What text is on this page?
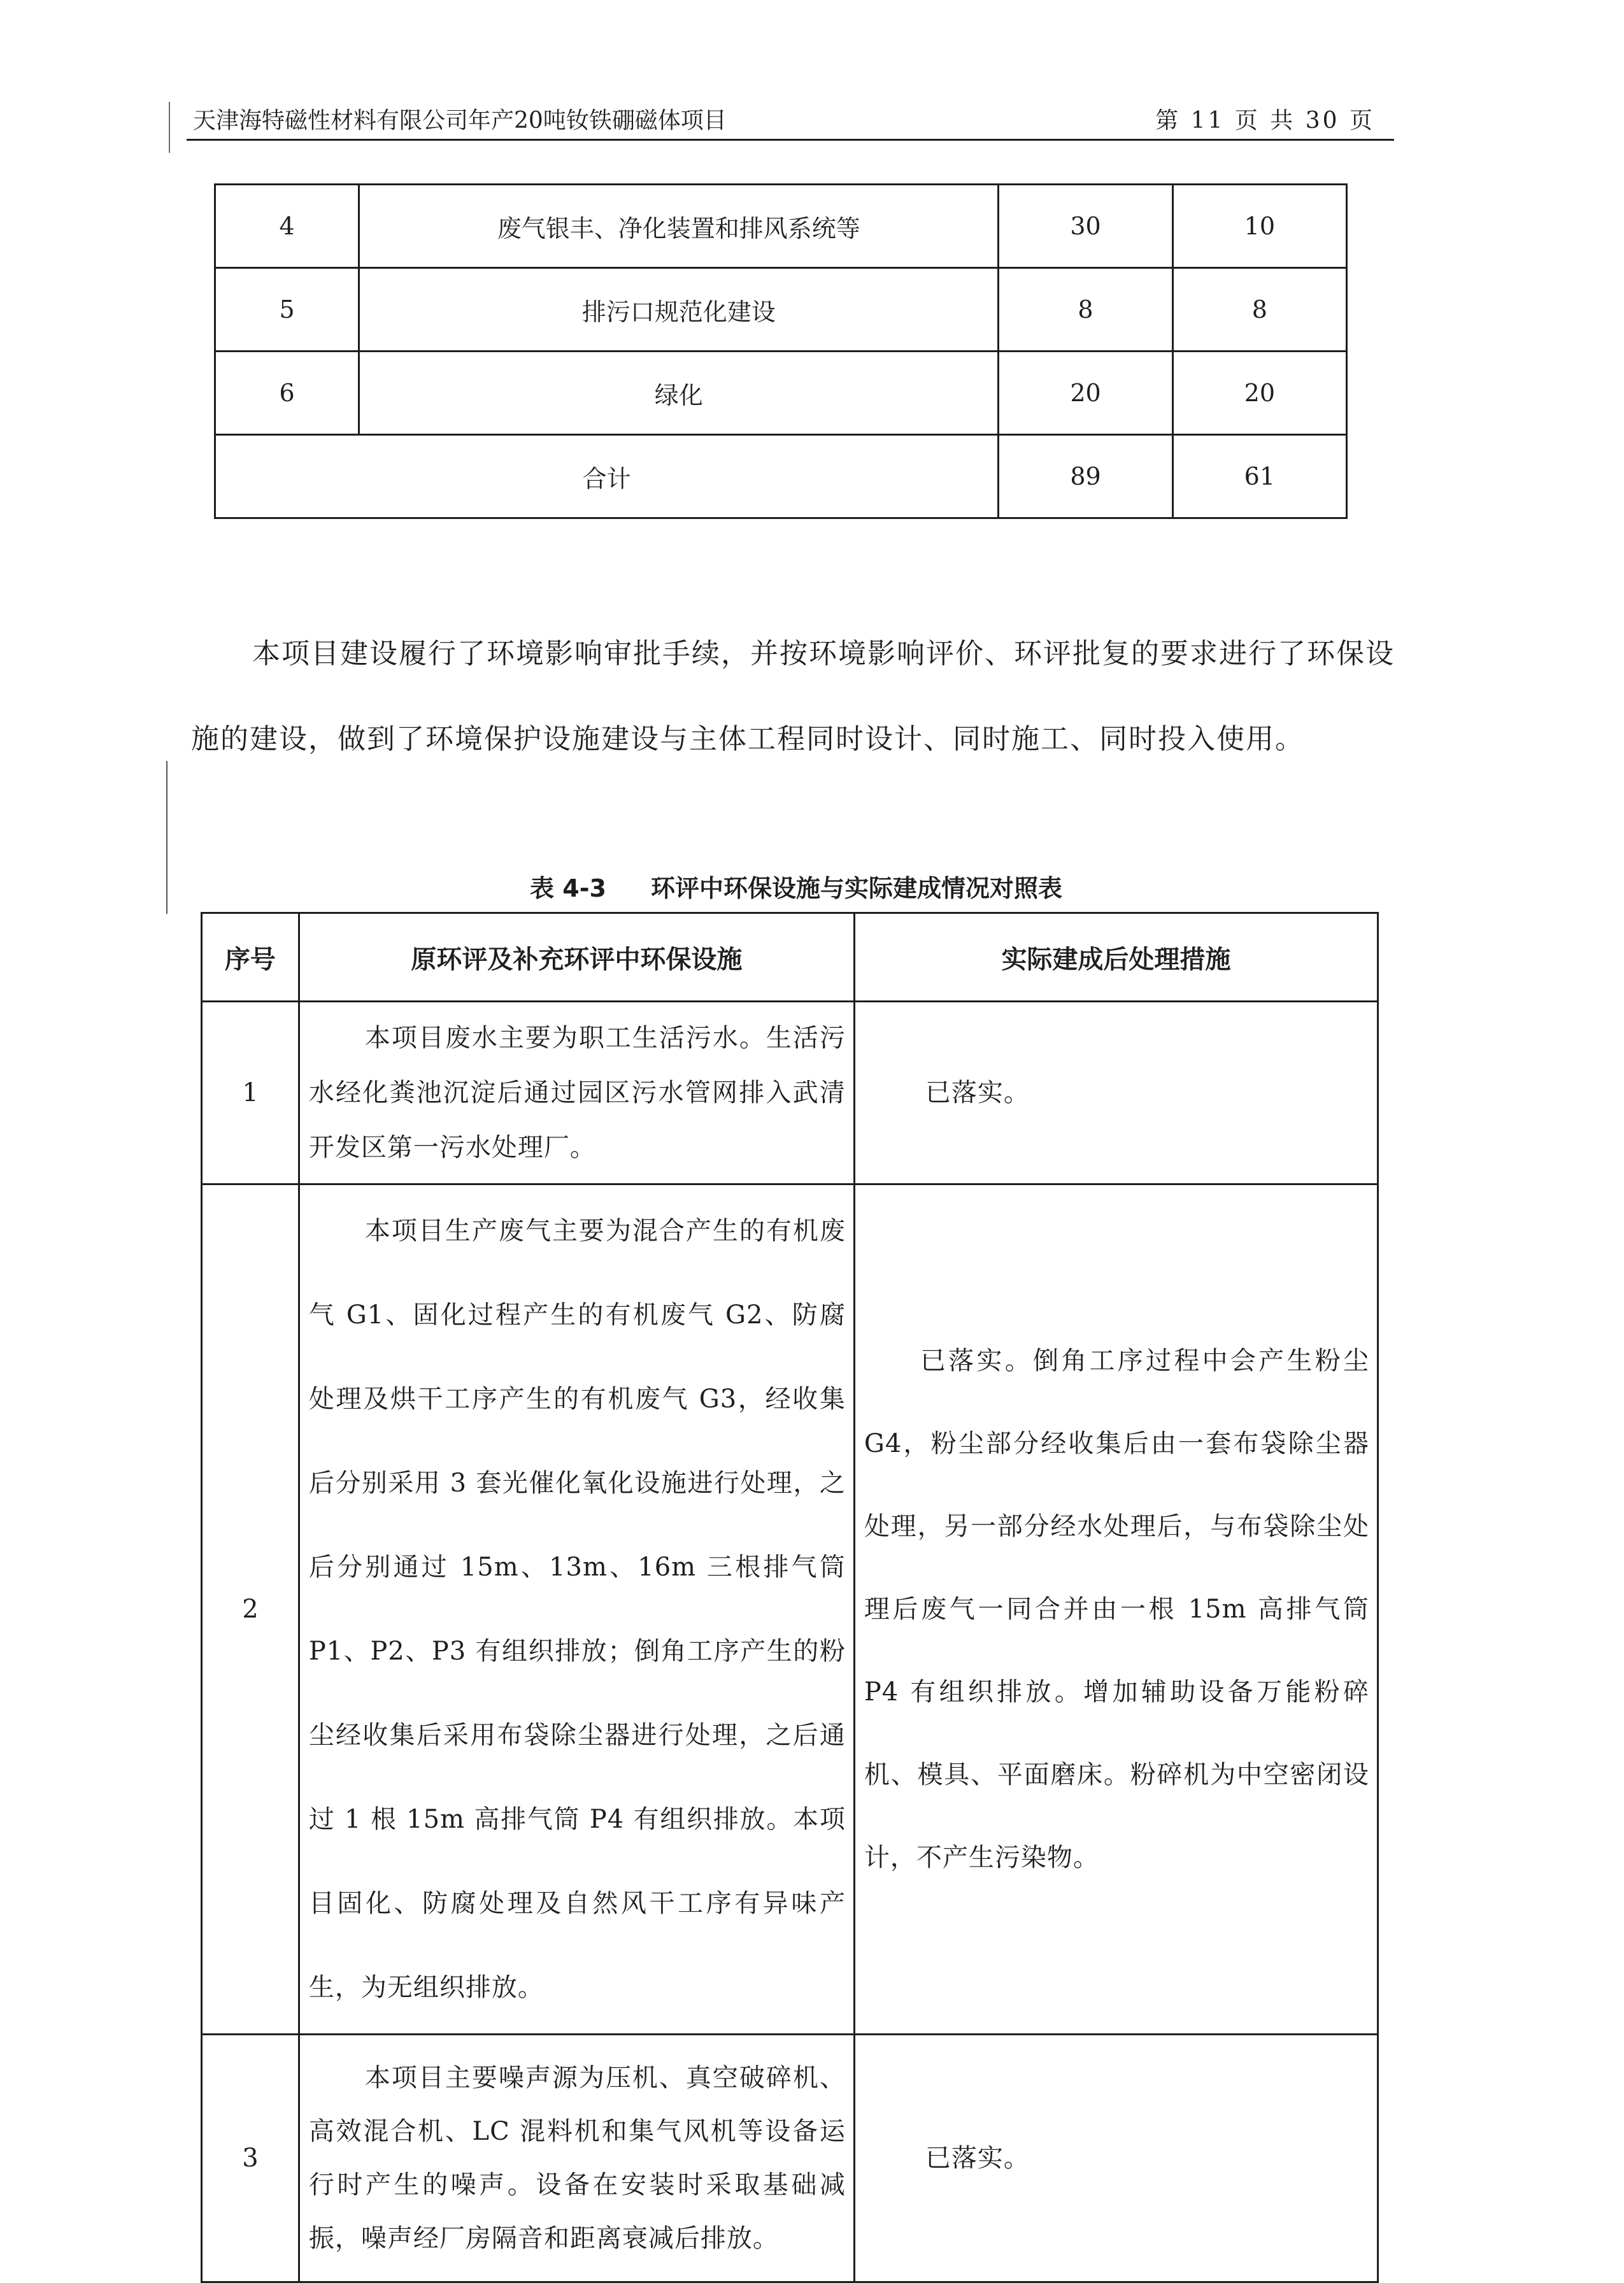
天津海特磁性材料有限公司年产20吨钕铁硼磁体项目	第 11 页 共 30 页
4	废气银丰、净化装置和排风系统等	30	10
5	排污口规范化建设	8	8
6	绿化	20	20
合计		89	61
本项目建设履行了环境影响审批手续，并按环境影响评价、环评批复的要求进行了环保设施的建设，做到了环境保护设施建设与主体工程同时设计、同时施工、同时投入使用。
表 4-3 环评中环保设施与实际建成情况对照表
序号	原环评及补充环评中环保设施	实际建成后处理措施
1	本项目废水主要为职工生活污水。生活污水经化粪池沉淀后通过园区污水管网排入武清开发区第一污水处理厂。	已落实。
2	本项目生产废气主要为混合产生的有机废气 G1、固化过程产生的有机废气 G2、防腐处理及烘干工序产生的有机废气 G3，经收集后分别采用 3 套光催化氧化设施进行处理，之后分别通过 15m、13m、16m 三根排气筒 P1、P2、P3 有组织排放；倒角工序产生的粉尘经收集后采用布袋除尘器进行处理，之后通过 1 根 15m 高排气筒 P4 有组织排放。本项目固化、防腐处理及自然风干工序有异味产生，为无组织排放。	已落实。倒角工序过程中会产生粉尘 G4，粉尘部分经收集后由一套布袋除尘器处理，另一部分经水处理后，与布袋除尘处理后废气一同合并由一根 15m 高排气筒 P4 有组织排放。增加辅助设备万能粉碎机、模具、平面磨床。粉碎机为中空密闭设计，不产生污染物。
3	本项目主要噪声源为压机、真空破碎机、高效混合机、LC 混料机和集气风机等设备运行时产生的噪声。设备在安装时采取基础减振，噪声经厂房隔音和距离衰减后排放。	已落实。
